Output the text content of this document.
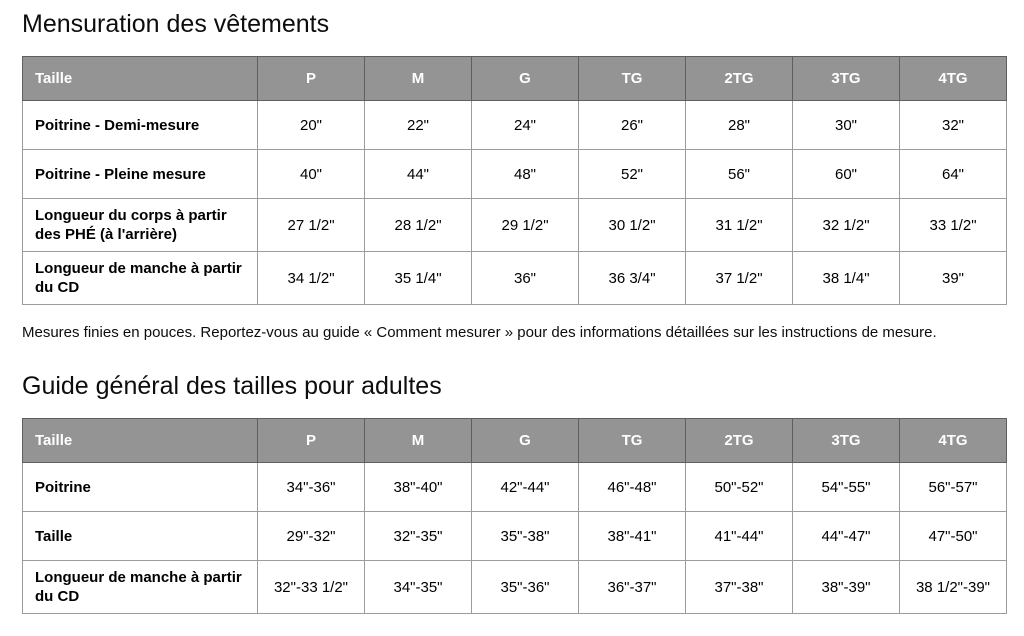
Mensuration des vêtements
Taille	P	M	G	TG	2TG	3TG	4TG
Poitrine - Demi-mesure	20"	22"	24"	26"	28"	30"	32"
Poitrine - Pleine mesure	40"	44"	48"	52"	56"	60"	64"
Longueur du corps à partir des PHÉ (à l'arrière)	27 1/2"	28 1/2"	29 1/2"	30 1/2"	31 1/2"	32 1/2"	33 1/2"
Longueur de manche à partir du CD	34 1/2"	35 1/4"	36"	36 3/4"	37 1/2"	38 1/4"	39"

Mesures finies en pouces. Reportez-vous au guide « Comment mesurer » pour des informations détaillées sur les instructions de mesure.

Guide général des tailles pour adultes
Taille	P	M	G	TG	2TG	3TG	4TG
Poitrine	34"-36"	38"-40"	42"-44"	46"-48"	50"-52"	54"-55"	56"-57"
Taille	29"-32"	32"-35"	35"-38"	38"-41"	41"-44"	44"-47"	47"-50"
Longueur de manche à partir du CD	32"-33 1/2"	34"-35"	35"-36"	36"-37"	37"-38"	38"-39"	38 1/2"-39"
